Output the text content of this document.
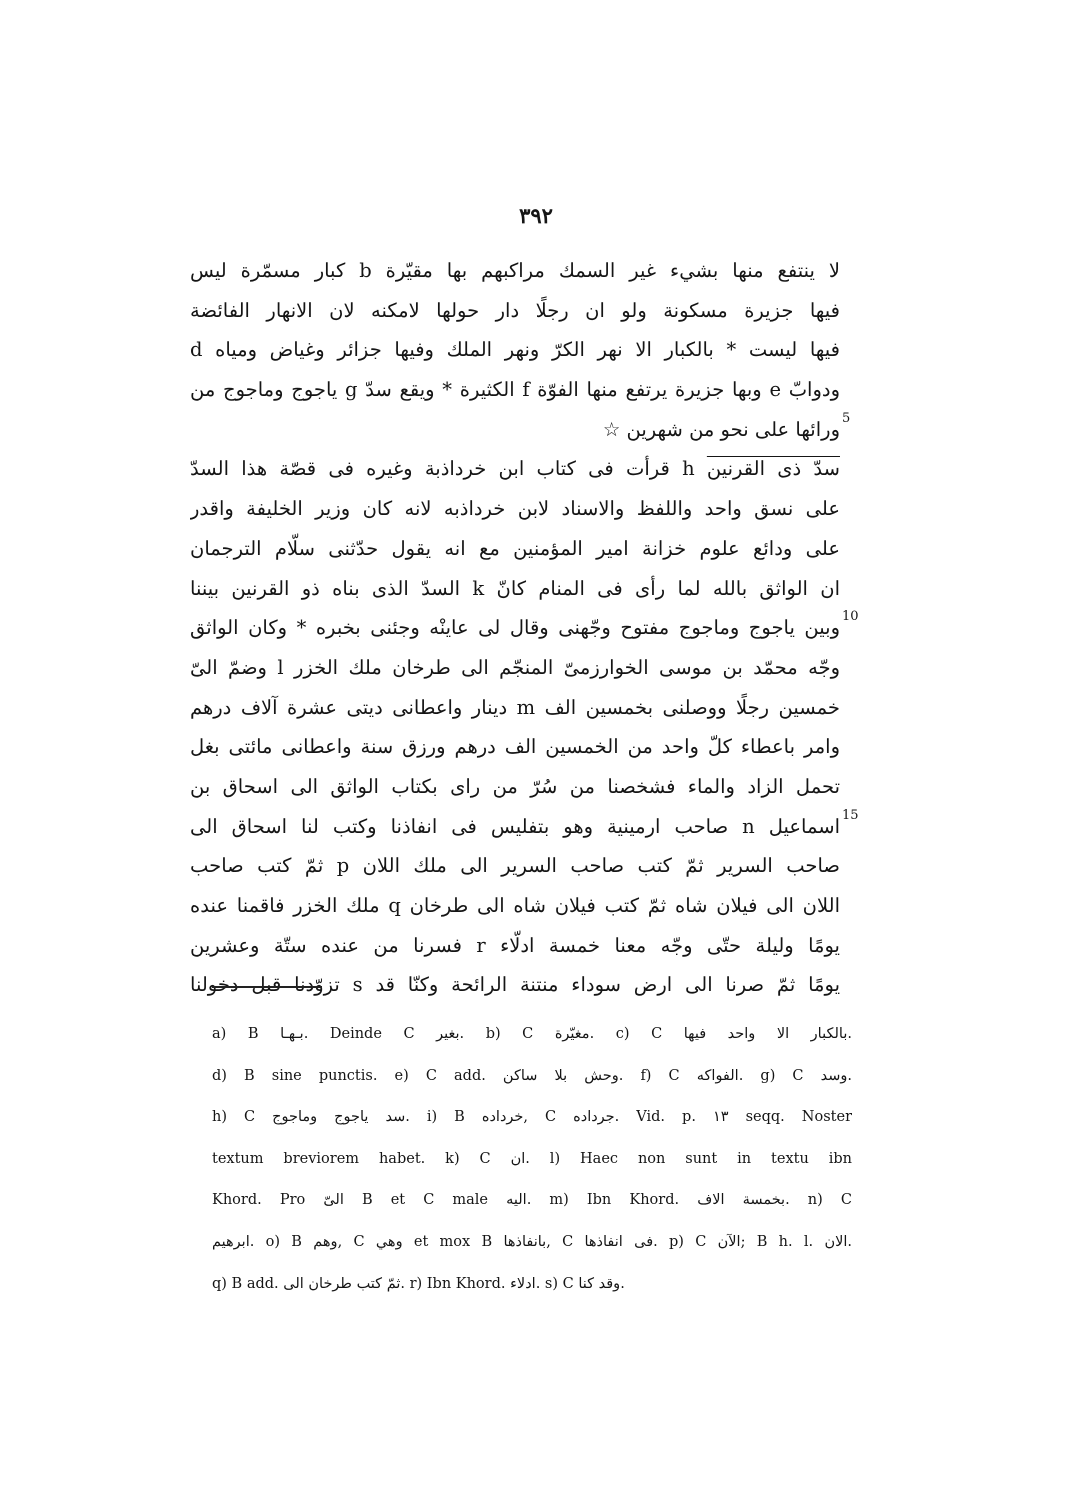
٣٩٢
لا ينتفع منها بشيء غير السمك مراكبهم بها مقيّرة b كبار مسمّرة ليس
فيها جزيرة مسكونة ولو ان رجلًا دار حولها لامكنه لان الانهار الفائضة
فيها ليست * بالكبار الا نهر الكرّ ونهر الملك وفيها جزائر وغياض ومياه d
ودوابّ e وبها جزيرة يرتفع منها الفوّة f الكثيرة * ويقع سدّ g ياجوج وماجوج من
ورائها على نحو من شهرين ☆
سدّ ذى القرنين h قرأت فى كتاب ابن خرداذبة وغيره فى قصّة هذا السدّ
على نسق واحد واللفظ والاسناد لابن خرداذبه لانه كان وزير الخليفة واقدر
على ودائع علوم خزانة امير المؤمنين مع انه يقول حدّثنى سلّام الترجمان
ان الواثق بالله لما رأى فى المنام كانّ k السدّ الذى بناه ذو القرنين بيننا
وبين ياجوج وماجوج مفتوح وجّهنى وقال لى عاينْه وجئنى بخبره * وكان الواثق
وجّه محمّد بن موسى الخوارزمىّ المنجّم الى طرخان ملك الخزر l وضمّ الىّ
خمسين رجلًا ووصلنى بخمسين الف m دينار واعطانى ديتى عشرة آلاف درهم
وامر باعطاء كلّ واحد من الخمسين الف درهم ورزق سنة واعطانى مائتى بغل
تحمل الزاد والماء فشخصنا من سُرّ من راى بكتاب الواثق الى اسحاق بن
اسماعيل n صاحب ارمينية وهو بتفليس فى انفاذنا وكتب لنا اسحاق الى
صاحب السرير ثمّ كتب صاحب السرير الى ملك اللان p ثمّ كتب صاحب
اللان الى فيلان شاه ثمّ كتب فيلان شاه الى طرخان q ملك الخزر فاقمنا عنده
يومًا وليلة حتّى وجّه معنا خمسة ادلّاء r فسرنا من عنده ستّة وعشرين
يومًا ثمّ صرنا الى ارض سوداء منتنة الرائحة وكنّا قد s تزوّدنا قبل دخولنا
5
10
15
a) B بـهـا. Deinde C بغير. b) C مغيّرة. c) C بالكبار الا واحد فيها.
d) B sine punctis. e) C add. وحش بلا ساكن. f) C الفواكه. g) C وسد.
h) C سد ياجوج وماجوج. i) B خرداده, C جرداده. Vid. p. ١٣ seqq. Noster
textum breviorem habet. k) C ان. l) Haec non sunt in textu ibn
Khord. Pro الىّ B et C male اليه. m) Ibn Khord. بخمسة الاف. n) C
ابرهيم. o) B وهم, C وهي et mox B بانفاذها, C فى انفاذها. p) C الآن; B h. l. الان.
q) B add. ثمّ كتب طرخان الى. r) Ibn Khord. ادلاء. s) C وقد كنا.
